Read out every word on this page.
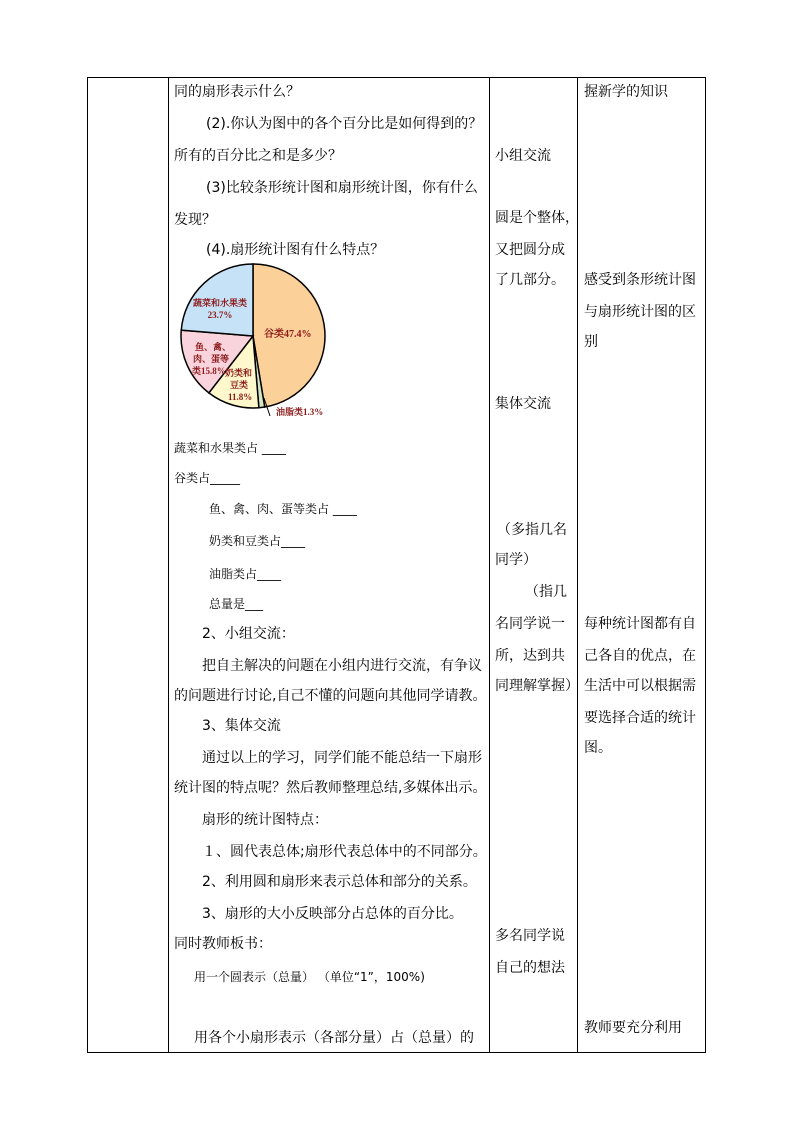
同的扇形表示什么？
(2).你认为图中的各个百分比是如何得到的？
所有的百分比之和是多少？
(3)比较条形统计图和扇形统计图，你有什么
发现？
(4).扇形统计图有什么特点？
谷类47.4%
蔬菜和水果类
23.7%
鱼、禽、
肉、蛋等
类15.8% 奶类和
豆类
11.8%
油脂类1.3%
蔬菜和水果类占 ____
谷类占_____
鱼、禽、肉、蛋等类占 ____
奶类和豆类占____
油脂类占____
总量是___
2、小组交流：
把自主解决的问题在小组内进行交流，有争议
的问题进行讨论,自己不懂的问题向其他同学请教。
3、集体交流
通过以上的学习，同学们能不能总结一下扇形
统计图的特点呢？然后教师整理总结,多媒体出示。
扇形的统计图特点：
１、圆代表总体;扇形代表总体中的不同部分。
2、利用圆和扇形来表示总体和部分的关系。
3、扇形的大小反映部分占总体的百分比。
同时教师板书：
用一个圆表示（总量） （单位“1”，100%)
用各个小扇形表示（各部分量）占（总量）的
小组交流
圆是个整体，
又把圆分成
了几部分。
集体交流
（多指几名
同学）
（指几
名同学说一
所，达到共
同理解掌握）
多名同学说
自己的想法
握新学的知识
感受到条形统计图
与扇形统计图的区
别
每种统计图都有自
己各自的优点，在
生活中可以根据需
要选择合适的统计
图。
教师要充分利用
